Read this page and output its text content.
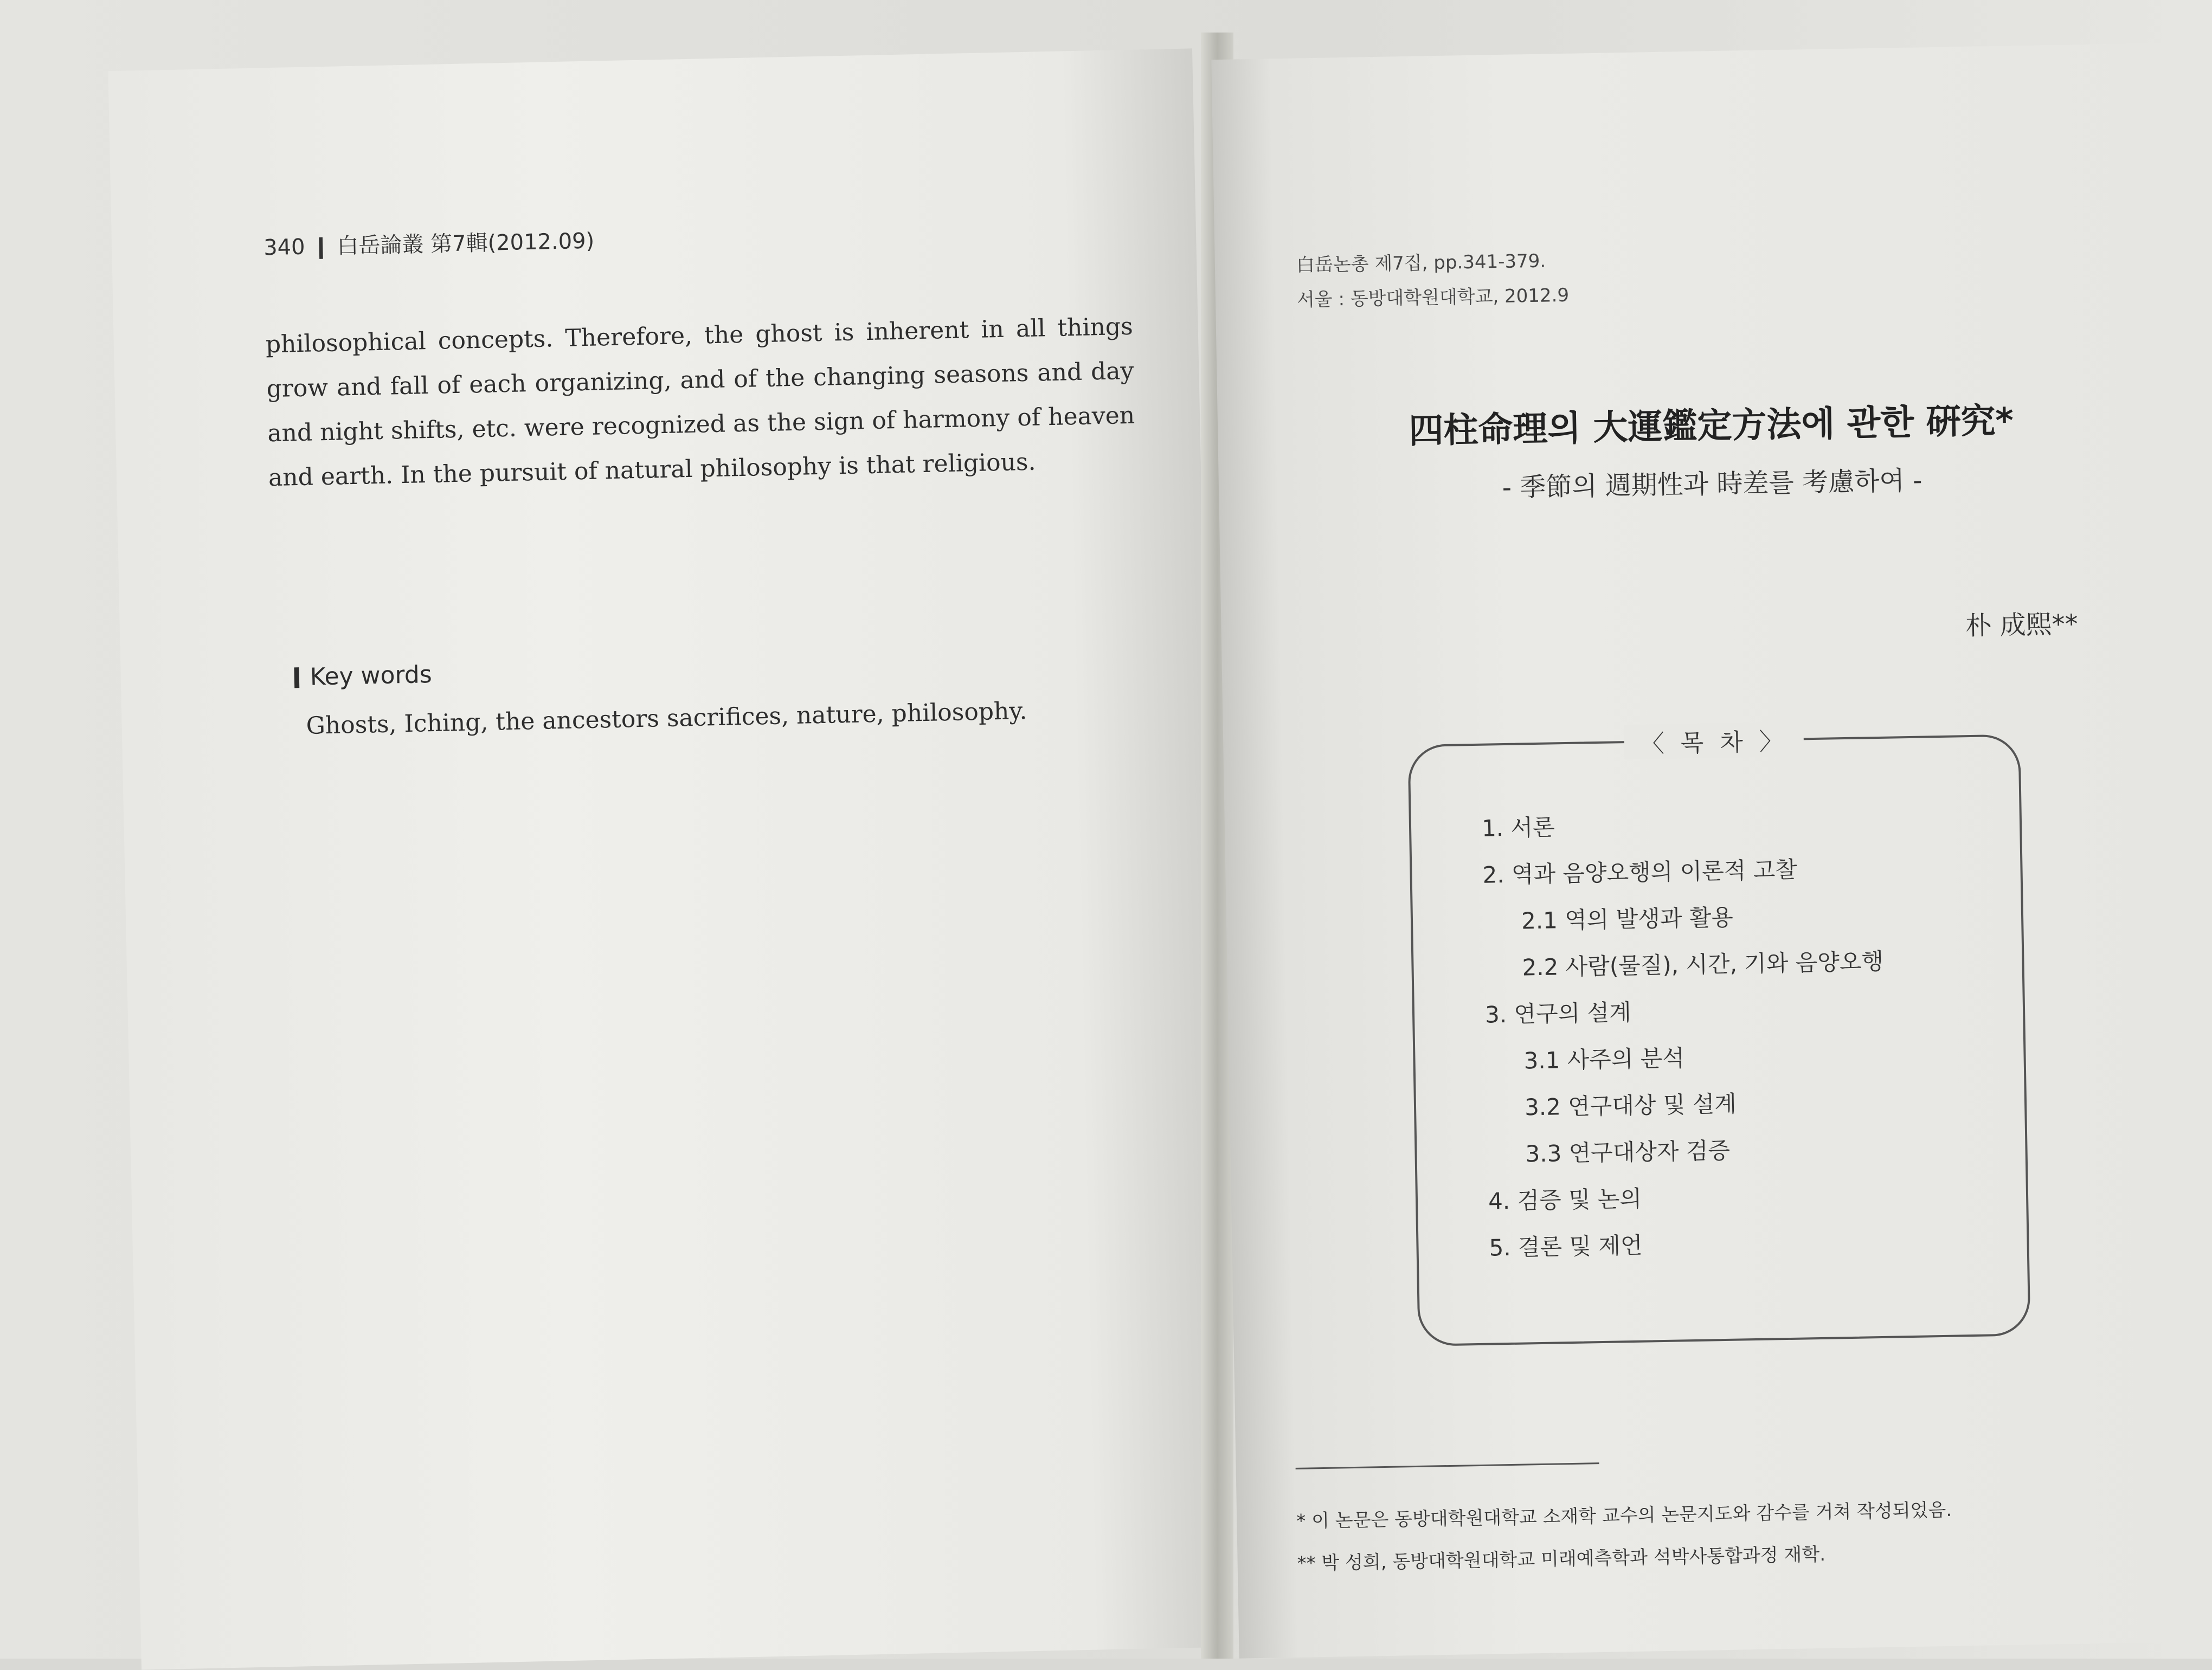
340 ❙ 白岳論叢 第7輯(2012.09)
philosophical concepts. Therefore, the ghost is inherent in all things grow and fall of each organizing, and of the changing seasons and day and night shifts, etc. were recognized as the sign of harmony of heaven and earth. In the pursuit of natural philosophy is that religious.
Key words
Ghosts, Iching, the ancestors sacrifices, nature, philosophy.
白岳논총 제7집, pp.341-379.
서울 : 동방대학원대학교, 2012.9
四柱命理의 大運鑑定方法에 관한 硏究*
- 季節의 週期性과 時差를 考慮하여 -
朴 成熙**
〈 목 차 〉
1. 서론
2. 역과 음양오행의 이론적 고찰
2.1 역의 발생과 활용
2.2 사람(물질), 시간, 기와 음양오행
3. 연구의 설계
3.1 사주의 분석
3.2 연구대상 및 설계
3.3 연구대상자 검증
4. 검증 및 논의
5. 결론 및 제언
* 이 논문은 동방대학원대학교 소재학 교수의 논문지도와 감수를 거쳐 작성되었음.
** 박 성희, 동방대학원대학교 미래예측학과 석박사통합과정 재학.
